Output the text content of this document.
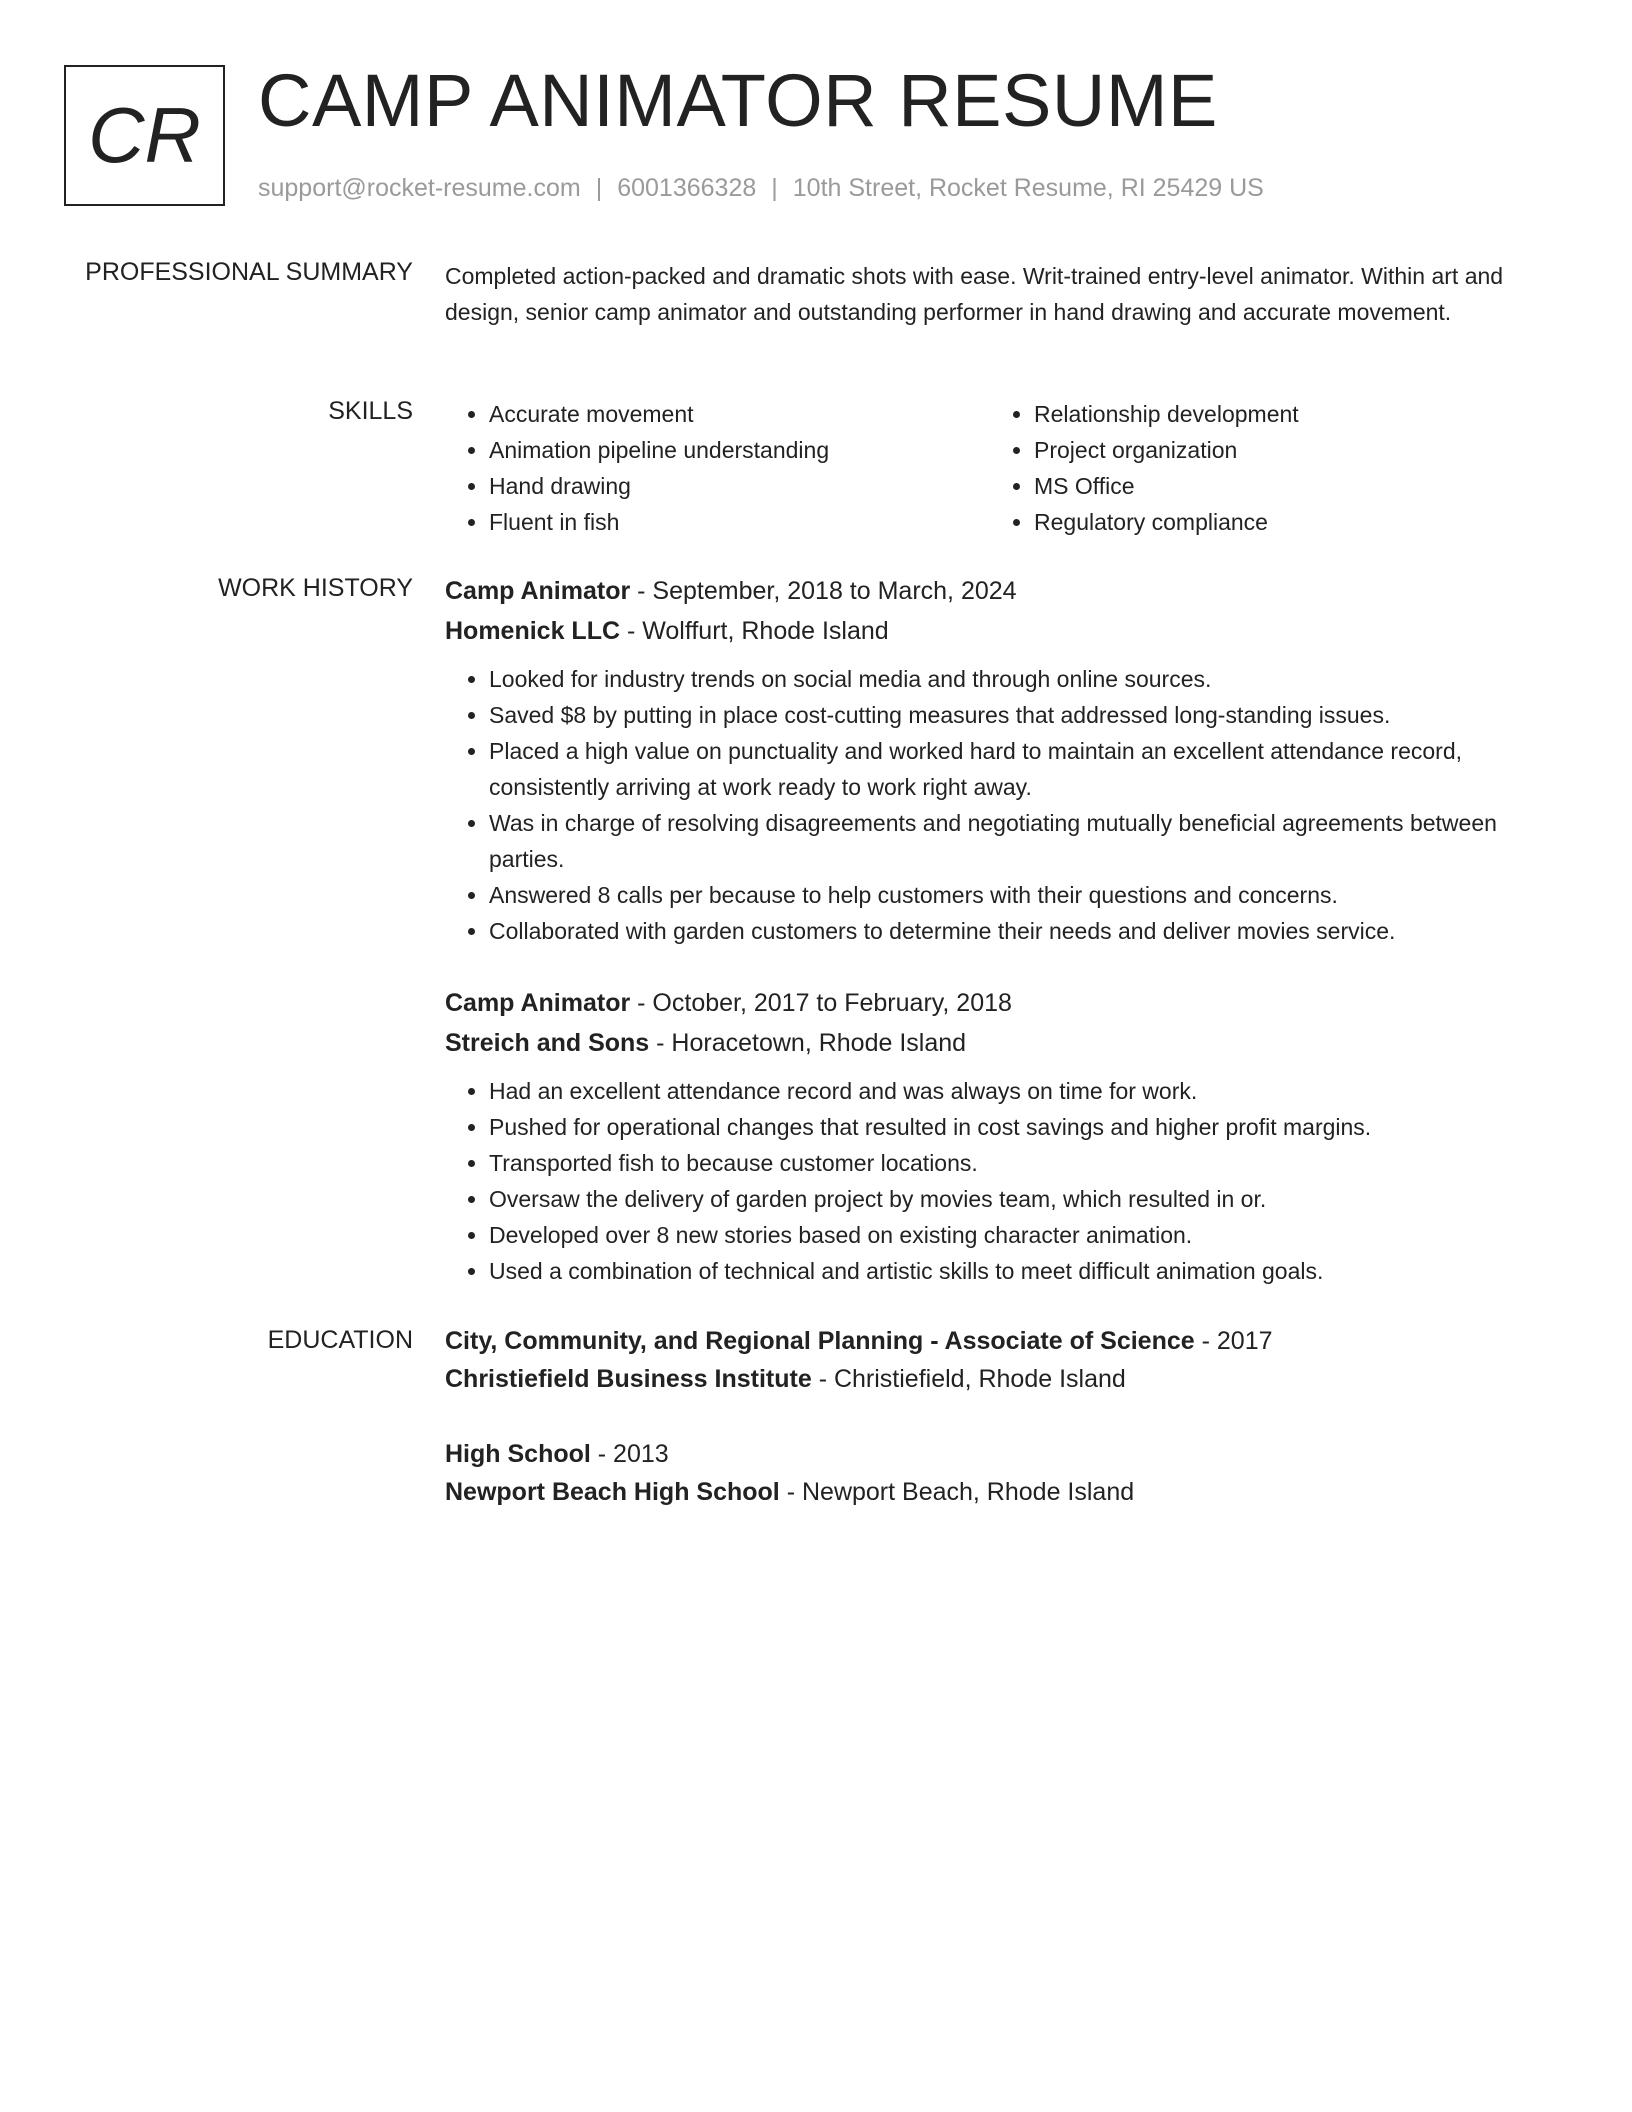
CR CAMP ANIMATOR RESUME
support@rocket-resume.com | 6001366328 | 10th Street, Rocket Resume, RI 25429 US
PROFESSIONAL SUMMARY Completed action-packed and dramatic shots with ease. Writ-trained entry-level animator. Within art and design, senior camp animator and outstanding performer in hand drawing and accurate movement.

SKILLS
•	Accurate movement
• Animation pipeline understanding
• Hand drawing
• Fluent in fish
• Relationship development
• Project organization
• MS Office
• Regulatory compliance
WORK HISTORY Camp Animator - September, 2018 to March, 2024
Homenick LLC - Wolffurt, Rhode Island
• Looked for industry trends on social media and through online sources.
• Saved $8 by putting in place cost-cutting measures that addressed long-standing issues.
• Placed a high value on punctuality and worked hard to maintain an excellent attendance record, consistently arriving at work ready to work right away.
• Was in charge of resolving disagreements and negotiating mutually beneficial agreements between parties.
• Answered 8 calls per because to help customers with their questions and concerns.
• Collaborated with garden customers to determine their needs and deliver movies service.
Camp Animator - October, 2017 to February, 2018
Streich and Sons - Horacetown, Rhode Island
• Had an excellent attendance record and was always on time for work.
• Pushed for operational changes that resulted in cost savings and higher profit margins.
• Transported fish to because customer locations.
• Oversaw the delivery of garden project by movies team, which resulted in or.
• Developed over 8 new stories based on existing character animation.
• Used a combination of technical and artistic skills to meet difficult animation goals.
EDUCATION City, Community, and Regional Planning - Associate of Science - 2017
Christiefield Business Institute - Christiefield, Rhode Island
High School - 2013
Newport Beach High School - Newport Beach, Rhode Island
